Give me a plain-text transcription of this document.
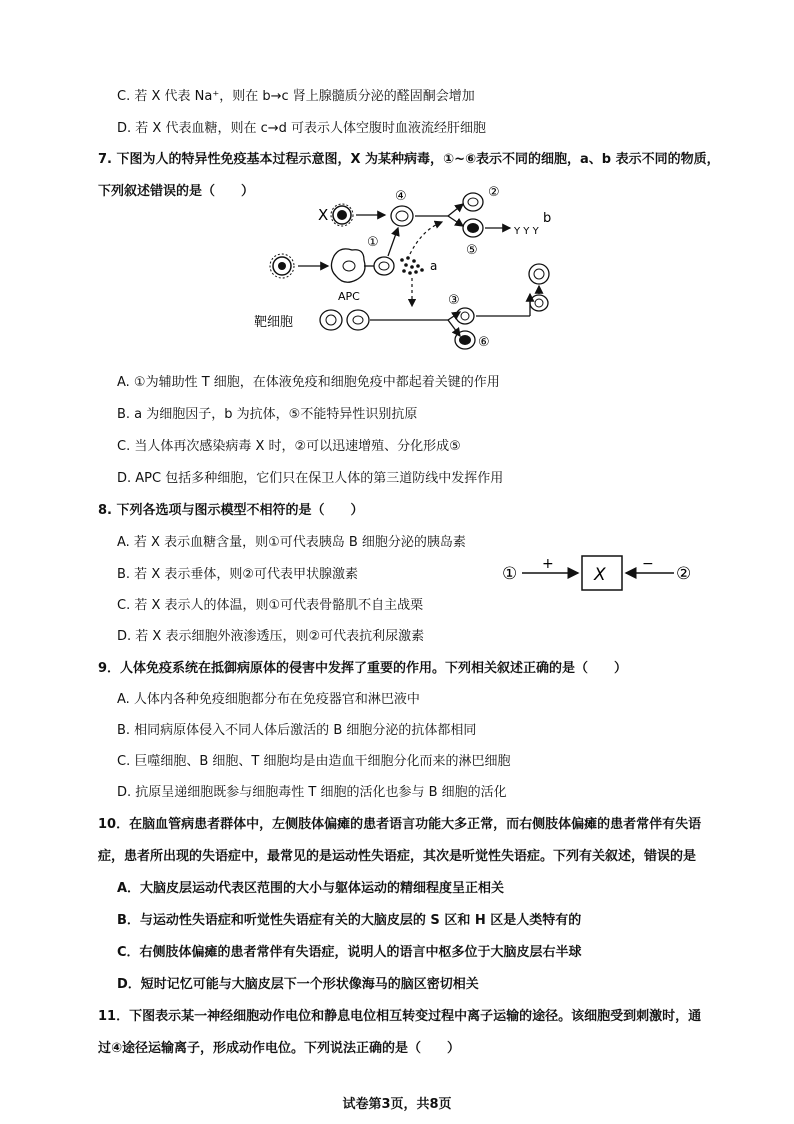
C. 若 X 代表 Na⁺，则在 b→c 肾上腺髓质分泌的醛固酮会增加
D. 若 X 代表血糖，则在 c→d 可表示人体空腹时血液流经肝细胞
7. 下图为人的特异性免疫基本过程示意图，X 为某种病毒，①~⑥表示不同的细胞，a、b 表示不同的物质，
下列叙述错误的是（　　）
X
④	②
⑤
Y Y Y
b
APC
①
a
靶细胞
③
⑥
A. ①为辅助性 T 细胞，在体液免疫和细胞免疫中都起着关键的作用
B. a 为细胞因子，b 为抗体，⑤不能特异性识别抗原
C. 当人体再次感染病毒 X 时，②可以迅速增殖、分化形成⑤
D. APC 包括多种细胞，它们只在保卫人体的第三道防线中发挥作用
8. 下列各选项与图示模型不相符的是（　　）
A. 若 X 表示血糖含量，则①可代表胰岛 B 细胞分泌的胰岛素
B. 若 X 表示垂体，则②可代表甲状腺激素
C. 若 X 表示人的体温，则①可代表骨骼肌不自主战栗
D. 若 X 表示细胞外液渗透压，则②可代表抗利尿激素
① +
X
− ②
9．人体免疫系统在抵御病原体的侵害中发挥了重要的作用。下列相关叙述正确的是（　　）
A. 人体内各种免疫细胞都分布在免疫器官和淋巴液中
B. 相同病原体侵入不同人体后激活的 B 细胞分泌的抗体都相同
C. 巨噬细胞、B 细胞、T 细胞均是由造血干细胞分化而来的淋巴细胞
D. 抗原呈递细胞既参与细胞毒性 T 细胞的活化也参与 B 细胞的活化
10．在脑血管病患者群体中，左侧肢体偏瘫的患者语言功能大多正常，而右侧肢体偏瘫的患者常伴有失语
症，患者所出现的失语症中，最常见的是运动性失语症，其次是听觉性失语症。下列有关叙述，错误的是
A．大脑皮层运动代表区范围的大小与躯体运动的精细程度呈正相关
B．与运动性失语症和听觉性失语症有关的大脑皮层的 S 区和 H 区是人类特有的
C．右侧肢体偏瘫的患者常伴有失语症，说明人的语言中枢多位于大脑皮层右半球
D．短时记忆可能与大脑皮层下一个形状像海马的脑区密切相关
11．下图表示某一神经细胞动作电位和静息电位相互转变过程中离子运输的途径。该细胞受到刺激时，通
过④途径运输离子，形成动作电位。下列说法正确的是（　　）
试卷第3页，共8页
